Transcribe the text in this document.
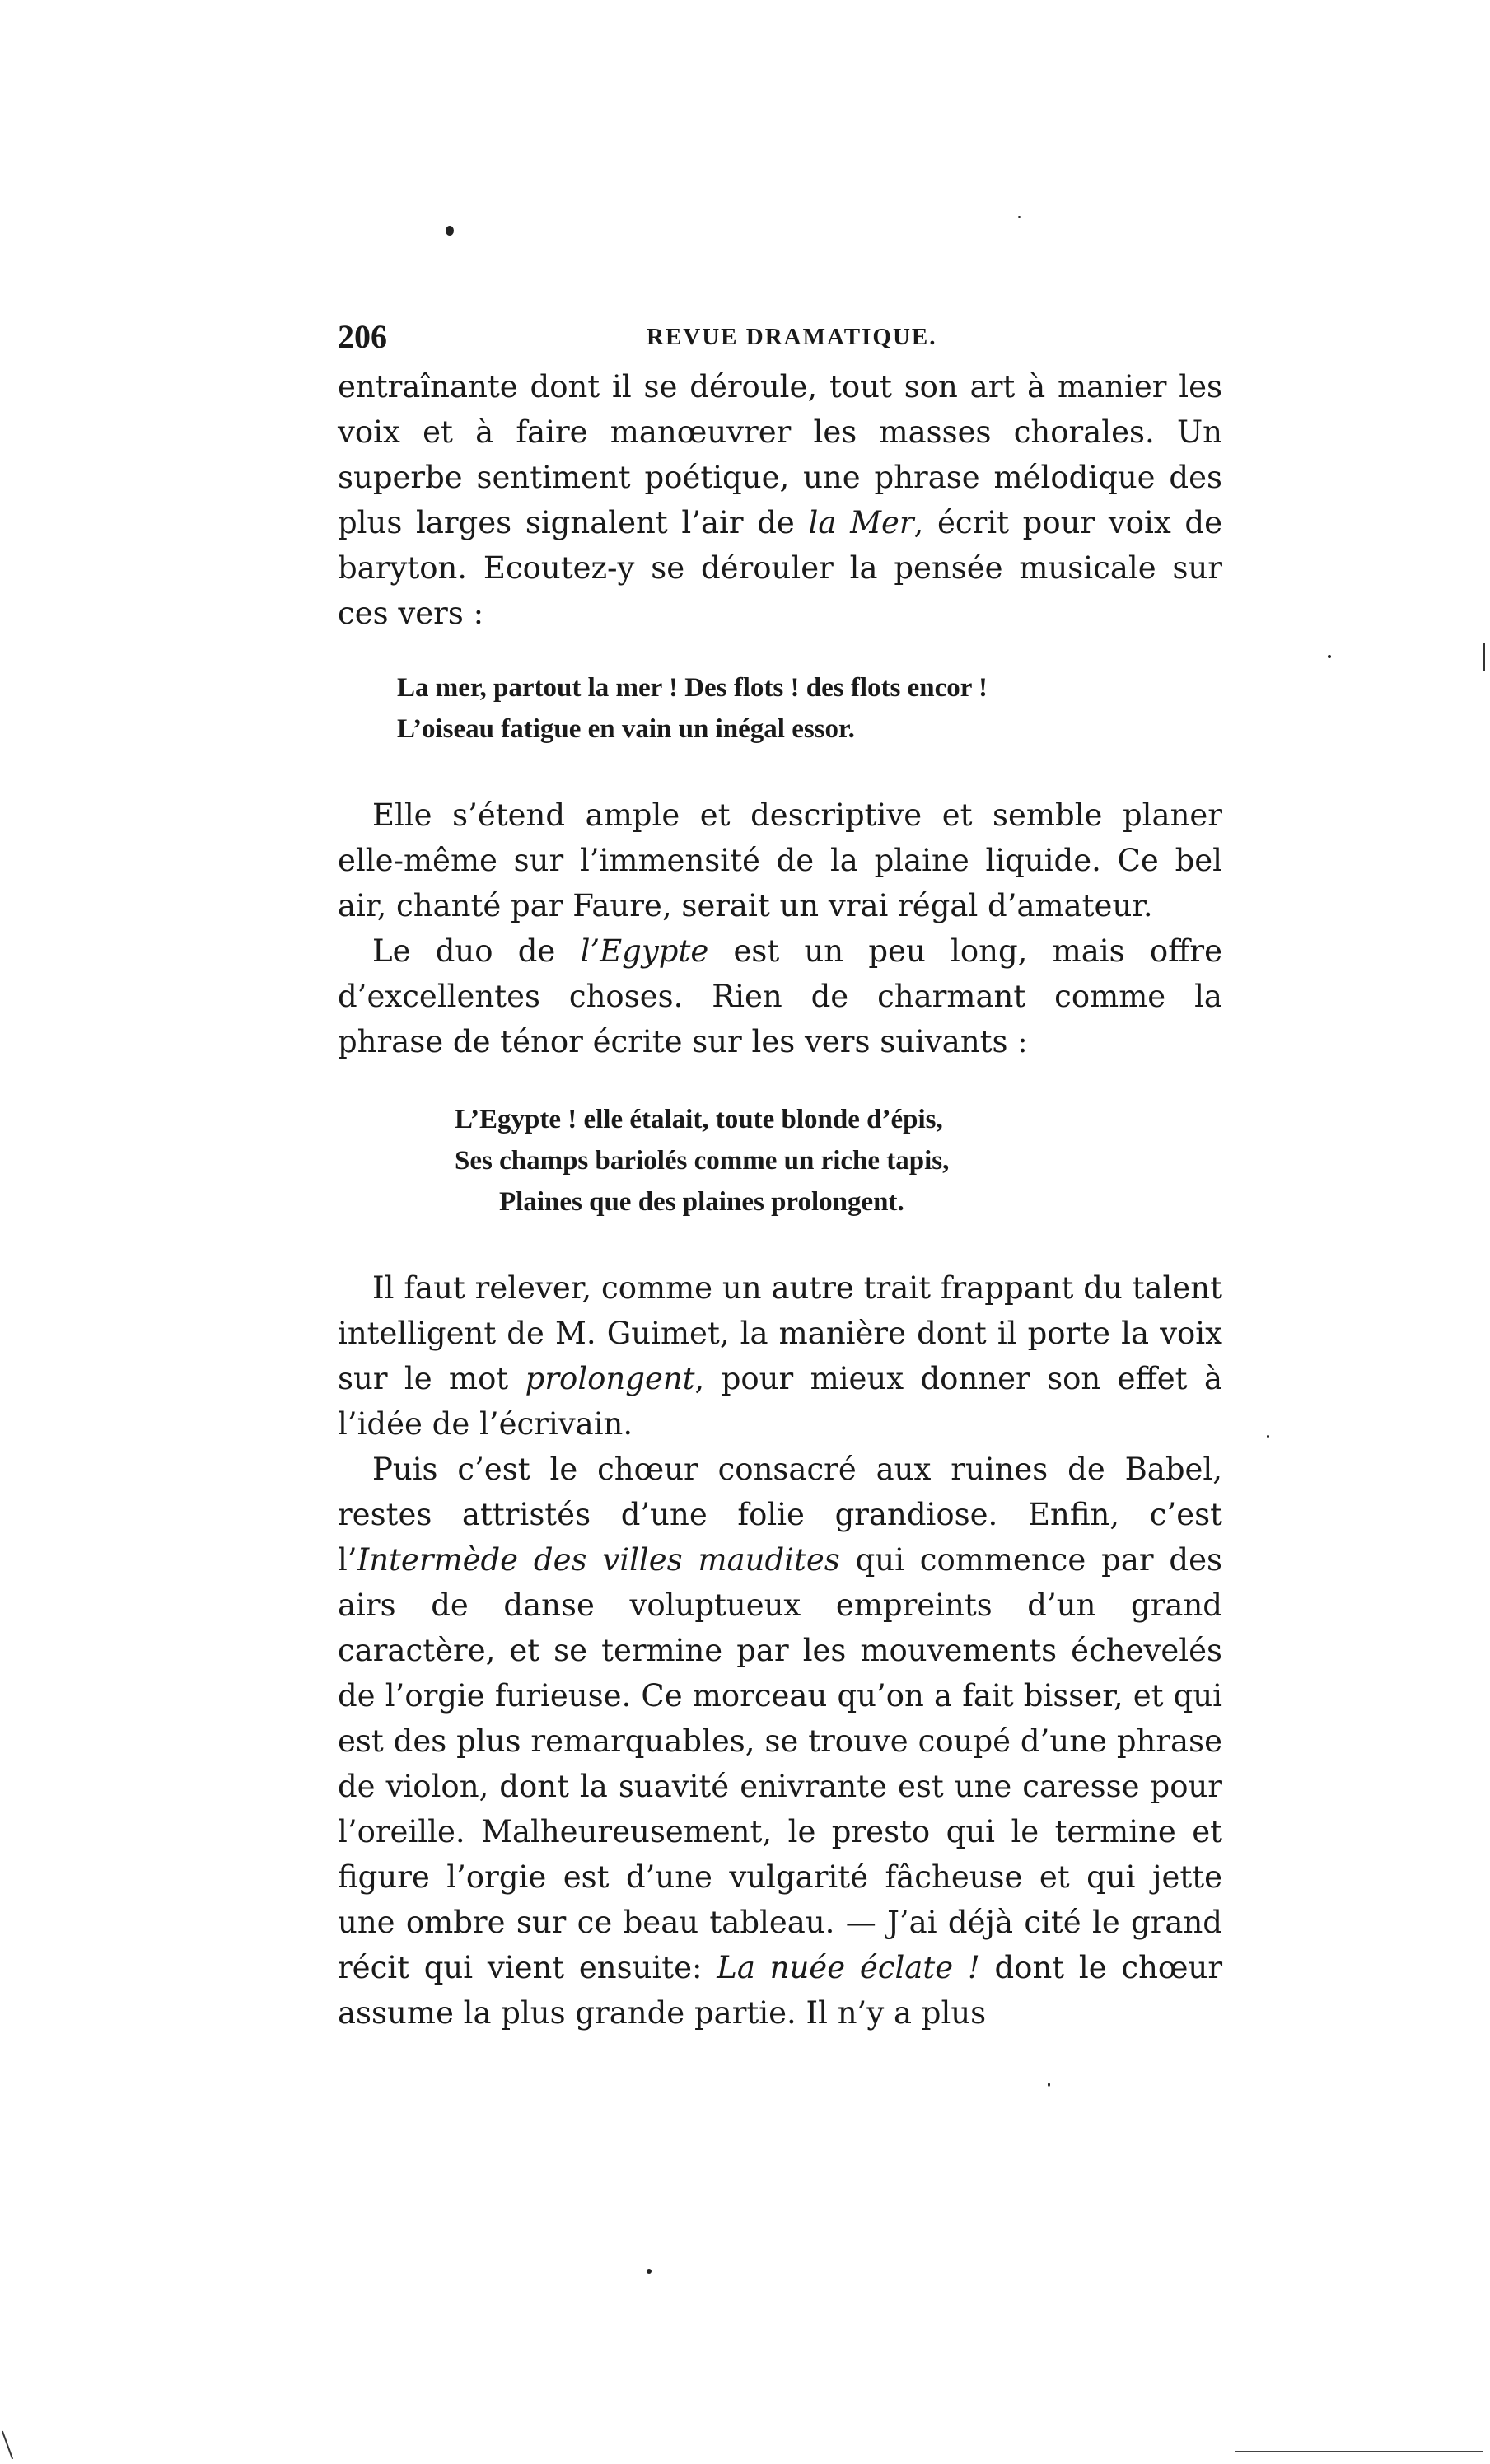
206	REVUE DRAMATIQUE.

entraînante dont il se déroule, tout son art à manier les voix et à faire manœuvrer les masses chorales. Un superbe sentiment poétique, une phrase mélodique des plus larges signalent l’air de la Mer, écrit pour voix de baryton. Ecoutez-y se dérouler la pensée musicale sur ces vers :

La mer, partout la mer ! Des flots ! des flots encor !
L’oiseau fatigue en vain un inégal essor.

Elle s’étend ample et descriptive et semble planer elle-même sur l’immensité de la plaine liquide. Ce bel air, chanté par Faure, serait un vrai régal d’amateur.

Le duo de l’Egypte est un peu long, mais offre d’excellentes choses. Rien de charmant comme la phrase de ténor écrite sur les vers suivants :

L’Egypte ! elle étalait, toute blonde d’épis,
Ses champs bariolés comme un riche tapis,
Plaines que des plaines prolongent.

Il faut relever, comme un autre trait frappant du talent intelligent de M. Guimet, la manière dont il porte la voix sur le mot prolongent, pour mieux donner son effet à l’idée de l’écrivain.

Puis c’est le chœur consacré aux ruines de Babel, restes attristés d’une folie grandiose. Enfin, c’est l’Intermède des villes maudites qui commence par des airs de danse voluptueux empreints d’un grand caractère, et se termine par les mouvements échevelés de l’orgie furieuse. Ce morceau qu’on a fait bisser, et qui est des plus remarquables, se trouve coupé d’une phrase de violon, dont la suavité enivrante est une caresse pour l’oreille. Malheureusement, le presto qui le termine et figure l’orgie est d’une vulgarité fâcheuse et qui jette une ombre sur ce beau tableau. — J’ai déjà cité le grand récit qui vient ensuite: La nuée éclate ! dont le chœur assume la plus grande partie. Il n’y a plus
